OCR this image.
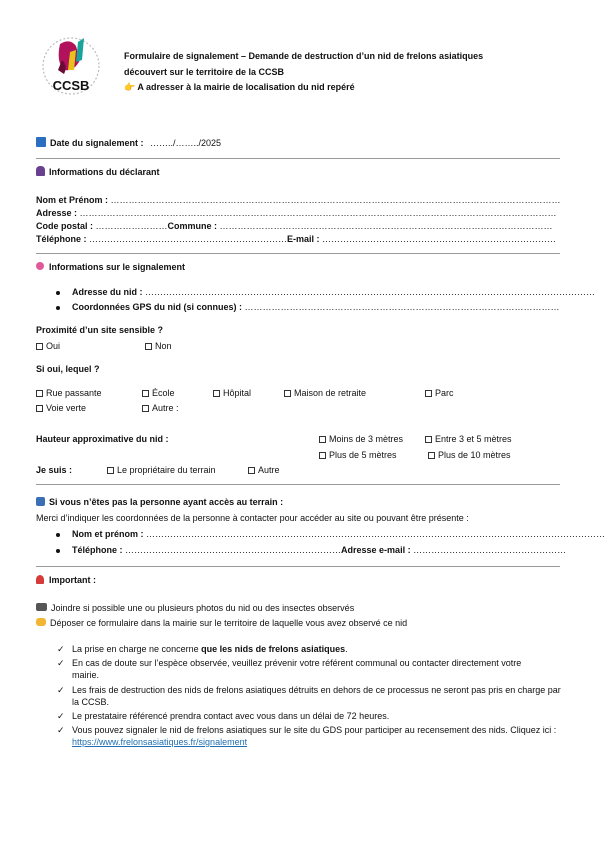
CCSB
Formulaire de signalement – Demande de destruction d’un nid de frelons asiatiques
découvert sur le territoire de la CCSB
👉 A adresser à la mairie de localisation du nid repéré
Date du signalement : ……../……../2025
Informations du déclarant
Nom et Prénom : ……………………………………………………………………………………………………………………………………
Adresse : ……………………………………………………………………………………………………………………………………………
Code postal : ……………………Commune : …………………………………………………………………………………………………
Téléphone : …………………………………………………………E-mail : ……………………………………………………………………
Informations sur le signalement
Adresse du nid : ……………………………………………………………………………………………………………………………………
Coordonnées GPS du nid (si connues) : ……………………………………………………………………………………………
Proximité d’un site sensible ?
Oui	Non
Si oui, lequel ?
Rue passante	École	Hôpital	Maison de retraite	Parc
Voie verte	Autre :
Hauteur approximative du nid :	Moins de 3 mètres	Entre 3 et 5 mètres
Plus de 5 mètres	Plus de 10 mètres
Je suis :	Le propriétaire du terrain	Autre
Si vous n’êtes pas la personne ayant accès au terrain :
Merci d’indiquer les coordonnées de la personne à contacter pour accéder au site ou pouvant être présente :
Nom et prénom : ………………………………………………………………………………………………………………………………………
Téléphone : ………………………………………………………………Adresse e-mail : ……………………………………………
Important :
Joindre si possible une ou plusieurs photos du nid ou des insectes observés
Déposer ce formulaire dans la mairie sur le territoire de laquelle vous avez observé ce nid
✓ La prise en charge ne concerne que les nids de frelons asiatiques.
✓ En cas de doute sur l’espèce observée, veuillez prévenir votre référent communal ou contacter directement votre mairie.
✓ Les frais de destruction des nids de frelons asiatiques détruits en dehors de ce processus ne seront pas pris en charge par la CCSB.
✓ Le prestataire référencé prendra contact avec vous dans un délai de 72 heures.
✓ Vous pouvez signaler le nid de frelons asiatiques sur le site du GDS pour participer au recensement des nids. Cliquez ici : https://www.frelonsasiatiques.fr/signalement
